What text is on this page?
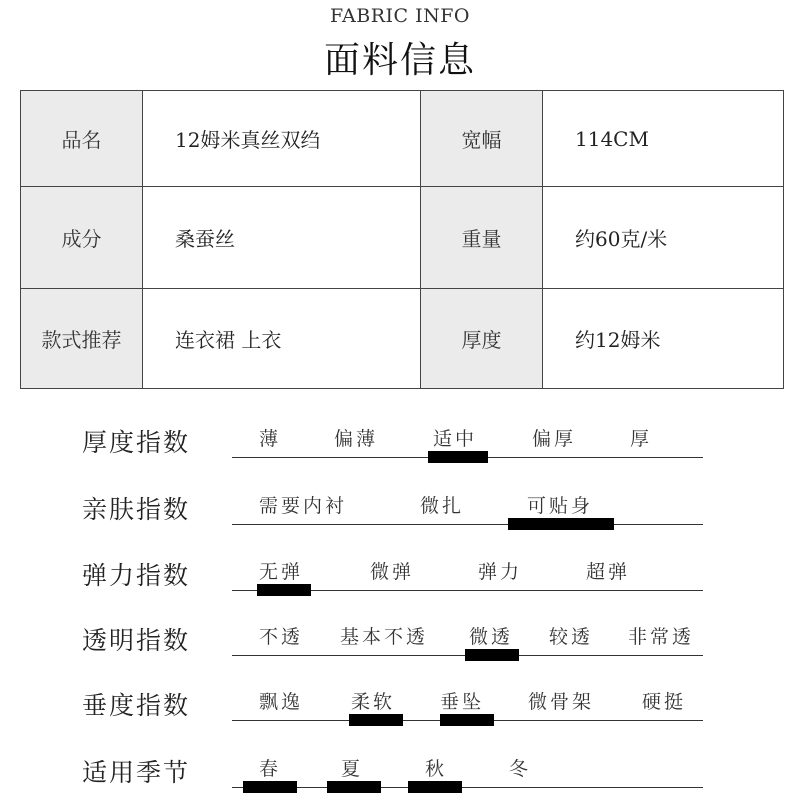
FABRIC INFO
面料信息
品名	12姆米真丝双绉	宽幅	114CM
成分	桑蚕丝	重量	约60克/米
款式推荐	连衣裙 上衣	厚度	约12姆米
厚度指数	薄	偏薄	适中	偏厚	厚
亲肤指数	需要内衬	微扎	可贴身
弹力指数	无弹	微弹	弹力	超弹
透明指数	不透 基本不透 微透 较透 非常透
垂度指数	飘逸	柔软 垂坠 微骨架	硬挺
适用季节	春	夏	秋	冬
